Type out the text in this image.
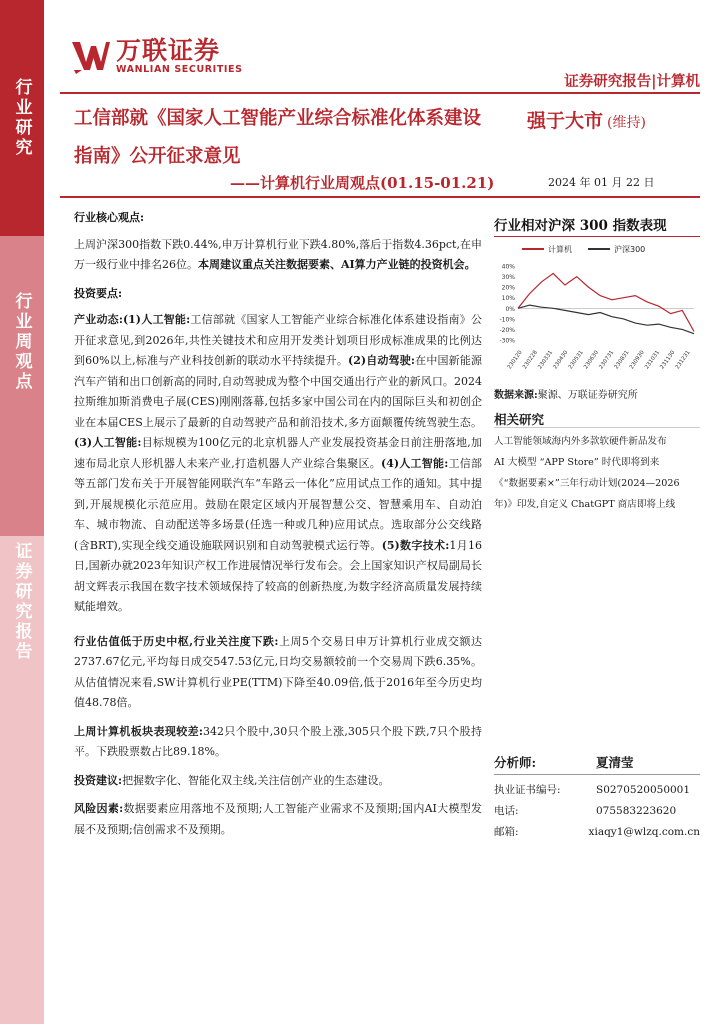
行业研究
行业周观点
证券研究报告
万联证券
WANLIAN SECURITIES
证券研究报告|计算机
工信部就《国家人工智能产业综合标准化体系建设指南》公开征求意见
——计算机行业周观点(01.15-01.21)
强于大市 (维持)
2024 年 01 月 22 日
行业核心观点:

上周沪深300指数下跌0.44%,申万计算机行业下跌4.80%,落后于指数4.36pct,在申万一级行业中排名26位。本周建议重点关注数据要素、AI算力产业链的投资机会。

投资要点:

产业动态:(1)人工智能:工信部就《国家人工智能产业综合标准化体系建设指南》公开征求意见,到2026年,共性关键技术和应用开发类计划项目形成标准成果的比例达到60%以上,标准与产业科技创新的联动水平持续提升。(2)自动驾驶:在中国新能源汽车产销和出口创新高的同时,自动驾驶成为整个中国交通出行产业的新风口。2024拉斯维加斯消费电子展(CES)刚刚落幕,包括多家中国公司在内的国际巨头和初创企业在本届CES上展示了最新的自动驾驶产品和前沿技术,多方面颠覆传统驾驶生态。(3)人工智能:目标规模为100亿元的北京机器人产业发展投资基金日前注册落地,加速布局北京人形机器人未来产业,打造机器人产业综合集聚区。(4)人工智能:工信部等五部门发布关于开展智能网联汽车“车路云一体化”应用试点工作的通知。其中提到,开展规模化示范应用。鼓励在限定区域内开展智慧公交、智慧乘用车、自动泊车、城市物流、自动配送等多场景(任选一种或几种)应用试点。选取部分公交线路(含BRT),实现全线交通设施联网识别和自动驾驶模式运行等。(5)数字技术:1月16日,国新办就2023年知识产权工作进展情况举行发布会。会上国家知识产权局副局长胡文辉表示我国在数字技术领域保持了较高的创新热度,为数字经济高质量发展持续赋能增效。

行业估值低于历史中枢,行业关注度下跌:上周5个交易日申万计算机行业成交额达2737.67亿元,平均每日成交547.53亿元,日均交易额较前一个交易周下跌6.35%。从估值情况来看,SW计算机行业PE(TTM)下降至40.09倍,低于2016年至今历史均值48.78倍。

上周计算机板块表现较差:342只个股中,30只个股上涨,305只个股下跌,7只个股持平。下跌股票数占比89.18%。

投资建议:把握数字化、智能化双主线,关注信创产业的生态建设。

风险因素:数据要素应用落地不及预期;人工智能产业需求不及预期;国内AI大模型发展不及预期;信创需求不及预期。

行业相对沪深 300 指数表现
计算机	沪深300
40%
30%
20%
10%
0%
-10%
-20%
-30%
230120
230228
230331
230430
230531
230630
230731
230831
230930
231031
231130
231231
数据来源:聚源、万联证券研究所
相关研究
人工智能领域海内外多款软硬件新品发布
AI 大模型 “APP Store” 时代即将到来
《“数据要素×”三年行动计划(2024—2026
年)》印发,自定义 ChatGPT 商店即将上线
分析师:	夏清莹
执业证书编号:	S0270520050001
电话:	075583223620
邮箱:	xiaqy1@wlzq.com.cn
